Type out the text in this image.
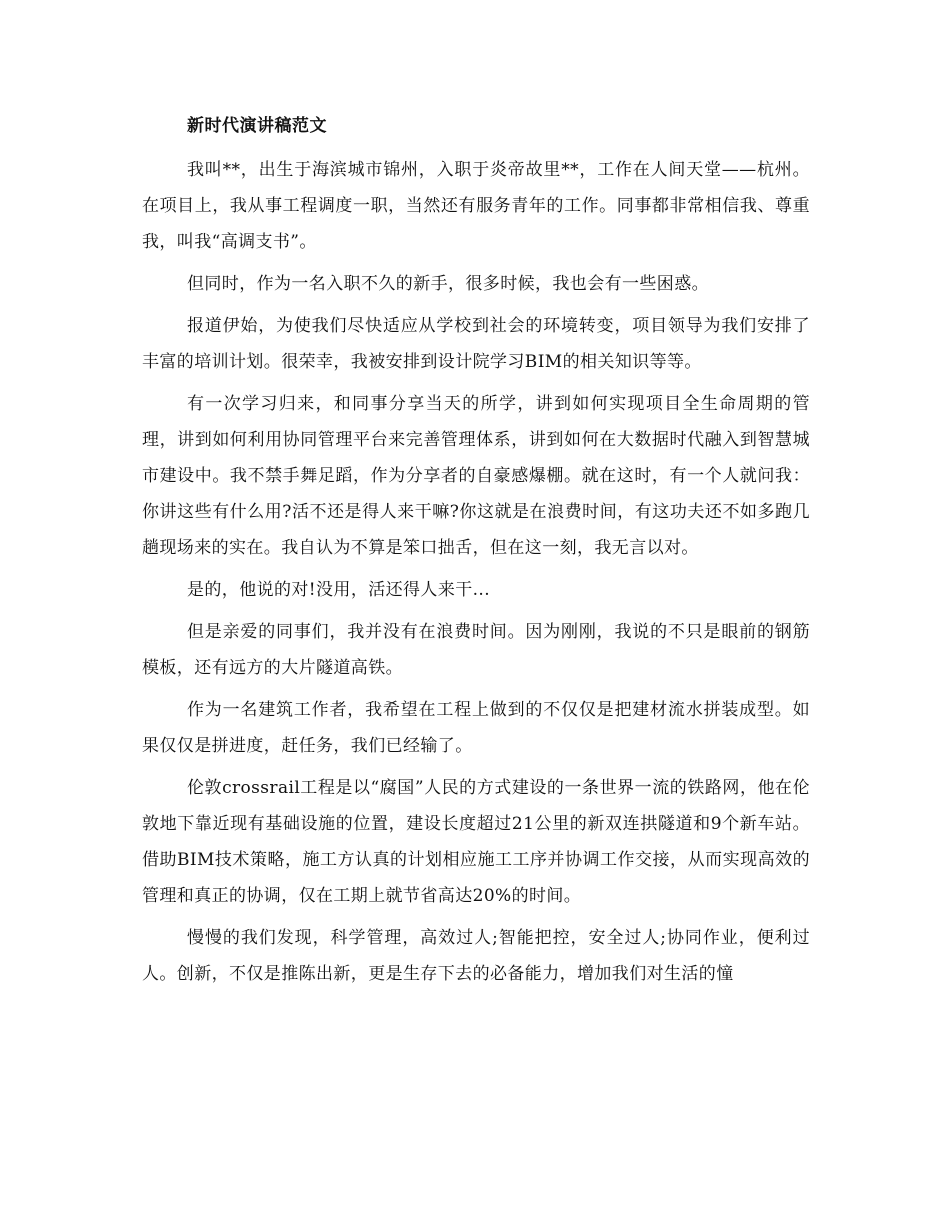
新时代演讲稿范文

我叫**，出生于海滨城市锦州，入职于炎帝故里**，工作在人间天堂——杭州。在项目上，我从事工程调度一职，当然还有服务青年的工作。同事都非常相信我、尊重我，叫我“高调支书”。

但同时，作为一名入职不久的新手，很多时候，我也会有一些困惑。

报道伊始，为使我们尽快适应从学校到社会的环境转变，项目领导为我们安排了丰富的培训计划。很荣幸，我被安排到设计院学习BIM的相关知识等等。

有一次学习归来，和同事分享当天的所学，讲到如何实现项目全生命周期的管理，讲到如何利用协同管理平台来完善管理体系，讲到如何在大数据时代融入到智慧城市建设中。我不禁手舞足蹈，作为分享者的自豪感爆棚。就在这时，有一个人就问我：你讲这些有什么用?活不还是得人来干嘛?你这就是在浪费时间，有这功夫还不如多跑几趟现场来的实在。我自认为不算是笨口拙舌，但在这一刻，我无言以对。

是的，他说的对!没用，活还得人来干...

但是亲爱的同事们，我并没有在浪费时间。因为刚刚，我说的不只是眼前的钢筋模板，还有远方的大片隧道高铁。

作为一名建筑工作者，我希望在工程上做到的不仅仅是把建材流水拼装成型。如果仅仅是拼进度，赶任务，我们已经输了。

伦敦crossrail工程是以“腐国”人民的方式建设的一条世界一流的铁路网，他在伦敦地下靠近现有基础设施的位置，建设长度超过21公里的新双连拱隧道和9个新车站。借助BIM技术策略，施工方认真的计划相应施工工序并协调工作交接，从而实现高效的管理和真正的协调，仅在工期上就节省高达20%的时间。

慢慢的我们发现，科学管理，高效过人;智能把控，安全过人;协同作业，便利过人。创新，不仅是推陈出新，更是生存下去的必备能力，增加我们对生活的憧
